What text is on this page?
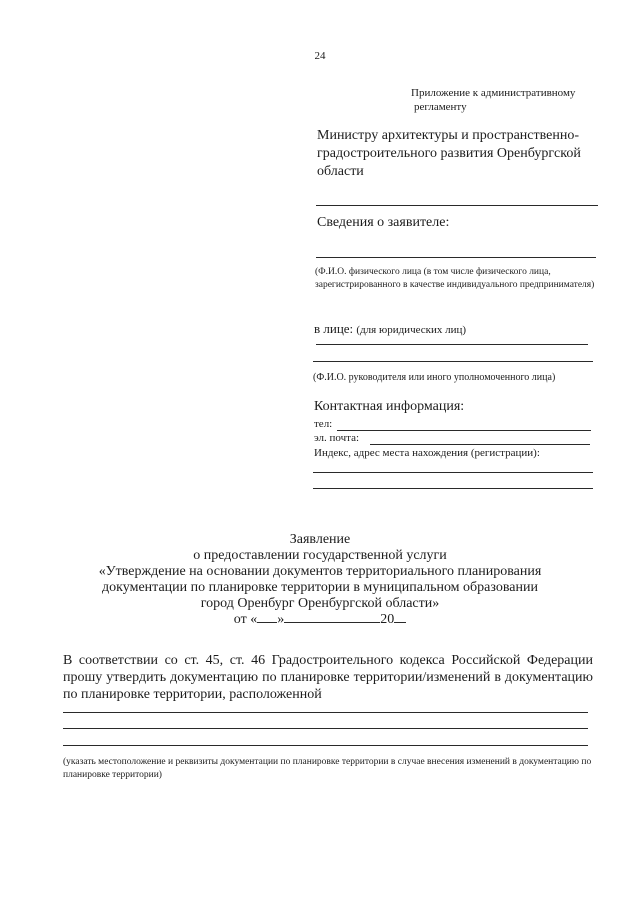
24
Приложение к административному
регламенту
Министру архитектуры и пространственно-градостроительного развития Оренбургской области
Сведения о заявителе:
(Ф.И.О. физического лица (в том числе физического лица, зарегистрированного в качестве индивидуального предпринимателя)
в лице: (для юридических лиц)
(Ф.И.О. руководителя или иного уполномоченного лица)
Контактная информация:
тел:
эл. почта:
Индекс, адрес места нахождения (регистрации):
Заявление
о предоставлении государственной услуги
«Утверждение на основании документов территориального планирования
документации по планировке территории в муниципальном образовании
город Оренбург Оренбургской области»
от « »	20
В соответствии со ст. 45, ст. 46 Градостроительного кодекса Российской Федерации прошу утвердить документацию по планировке территории/изменений в документацию по планировке территории, расположенной
(указать местоположение и реквизиты документации по планировке территории в случае внесения изменений в документацию по планировке территории)
